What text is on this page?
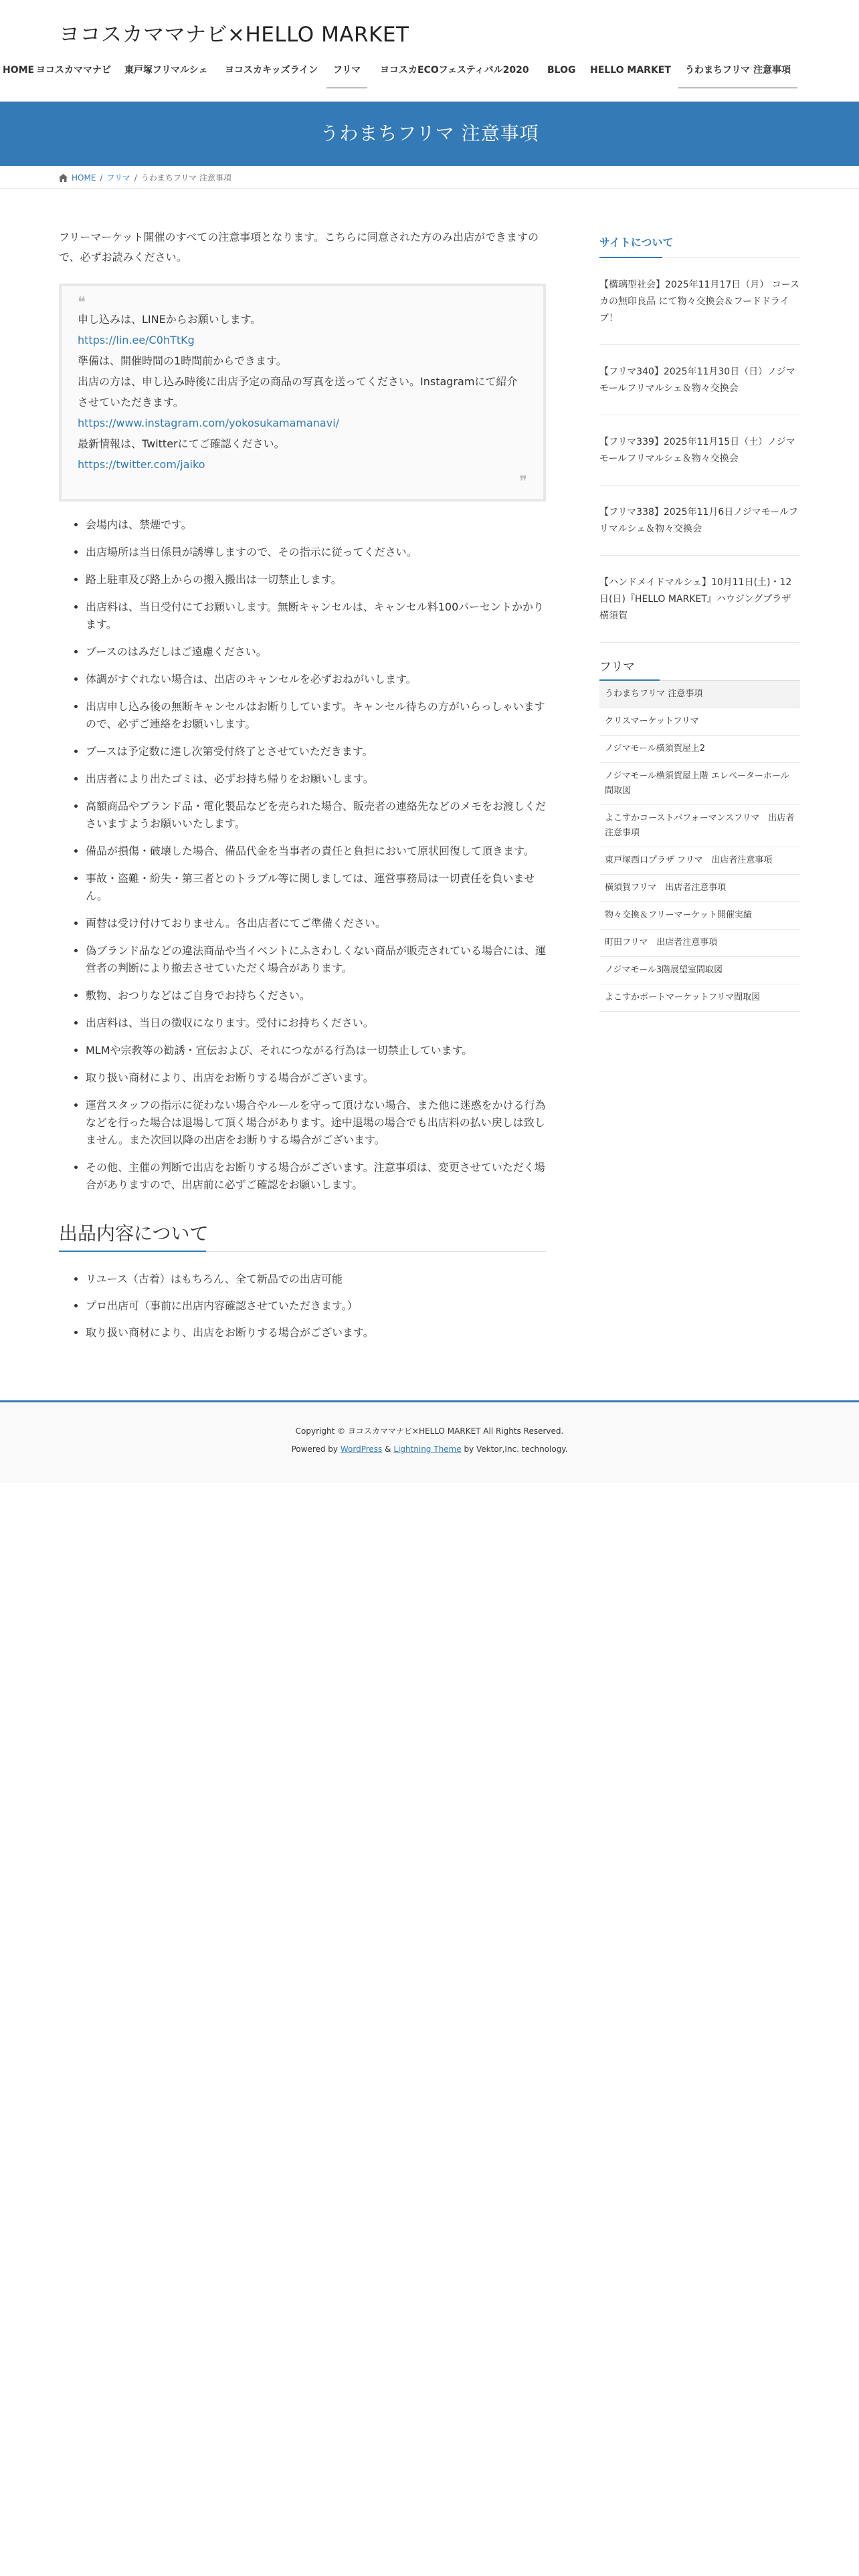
ヨコスカママナビ×HELLO MARKET
HOME ヨコスカママナビ	東戸塚フリマルシェ	ヨコスカキッズライン	フリマ	ヨコスカECOフェスティバル2020	BLOG	HELLO MARKET	うわまちフリマ 注意事項
うわまちフリマ 注意事項
HOME / フリマ / うわまちフリマ 注意事項

フリーマーケット開催のすべての注意事項となります。こちらに同意された方のみ出店ができますので、必ずお読みください。

❝

申し込みは、LINEからお願いします。

https://lin.ee/C0hTtKg

準備は、開催時間の1時間前からできます。

出店の方は、申し込み時後に出店予定の商品の写真を送ってください。Instagramにて紹介させていただきます。

https://www.instagram.com/yokosukamamanavi/

最新情報は、Twitterにてご確認ください。

https://twitter.com/jaiko

❞
• 会場内は、禁煙です。
• 出店場所は当日係員が誘導しますので、その指示に従ってください。
• 路上駐車及び路上からの搬入搬出は一切禁止します。
• 出店料は、当日受付にてお願いします。無断キャンセルは、キャンセル料100パーセントかかります。
• ブースのはみだしはご遠慮ください。
• 体調がすぐれない場合は、出店のキャンセルを必ずおねがいします。
• 出店申し込み後の無断キャンセルはお断りしています。キャンセル待ちの方がいらっしゃいますので、必ずご連絡をお願いします。
• ブースは予定数に達し次第受付終了とさせていただきます。
• 出店者により出たゴミは、必ずお持ち帰りをお願いします。
• 高額商品やブランド品・電化製品などを売られた場合、販売者の連絡先などのメモをお渡しくださいますようお願いいたします。
• 備品が損傷・破壊した場合、備品代金を当事者の責任と負担において原状回復して頂きます。
• 事故・盗難・紛失・第三者とのトラブル等に関しましては、運営事務局は一切責任を負いません。
• 両替は受け付けておりません。各出店者にてご準備ください。
• 偽ブランド品などの違法商品や当イベントにふさわしくない商品が販売されている場合には、運営者の判断により撤去させていただく場合があります。
• 敷物、おつりなどはご自身でお持ちください。
• 出店料は、当日の徴収になります。受付にお持ちください。
• MLMや宗教等の勧誘・宣伝および、それにつながる行為は一切禁止しています。
• 取り扱い商材により、出店をお断りする場合がございます。
• 運営スタッフの指示に従わない場合やルールを守って頂けない場合、また他に迷惑をかける行為などを行った場合は退場して頂く場合があります。途中退場の場合でも出店料の払い戻しは致しません。また次回以降の出店をお断りする場合がございます。
• その他、主催の判断で出店をお断りする場合がございます。注意事項は、変更させていただく場合がありますので、出店前に必ずご確認をお願いします。
出品内容について
• リユース（古着）はもちろん、全て新品での出店可能
• プロ出店可（事前に出店内容確認させていただきます。）
• 取り扱い商材により、出店をお断りする場合がございます。
サイトについて
【構璃型社会】2025年11月17日（月） コースカの無印良品 にて物々交換会＆フードドライブ！
【フリマ340】2025年11月30日（日）ノジマモールフリマルシェ＆物々交換会
【フリマ339】2025年11月15日（土）ノジマモールフリマルシェ＆物々交換会
【フリマ338】2025年11月6日ノジマモールフリマルシェ＆物々交換会
【ハンドメイドマルシェ】10月11日(土)・12日(日)『HELLO MARKET』ハウジングプラザ横須賀
フリマ
うわまちフリマ 注意事項
クリスマーケットフリマ
ノジマモール横須賀屋上2
ノジマモール横須賀屋上階 エレベーターホール間取図
よこすかコーストパフォーマンスフリマ　出店者注意事項
東戸塚西口プラザ フリマ　出店者注意事項
横須賀フリマ　出店者注意事項
物々交換＆フリーマーケット開催実績
町田フリマ　出店者注意事項
ノジマモール3階展望室間取図
よこすかポートマーケットフリマ間取図

Copyright © ヨコスカママナビ×HELLO MARKET All Rights Reserved.

Powered by WordPress & Lightning Theme by Vektor,Inc. technology.
